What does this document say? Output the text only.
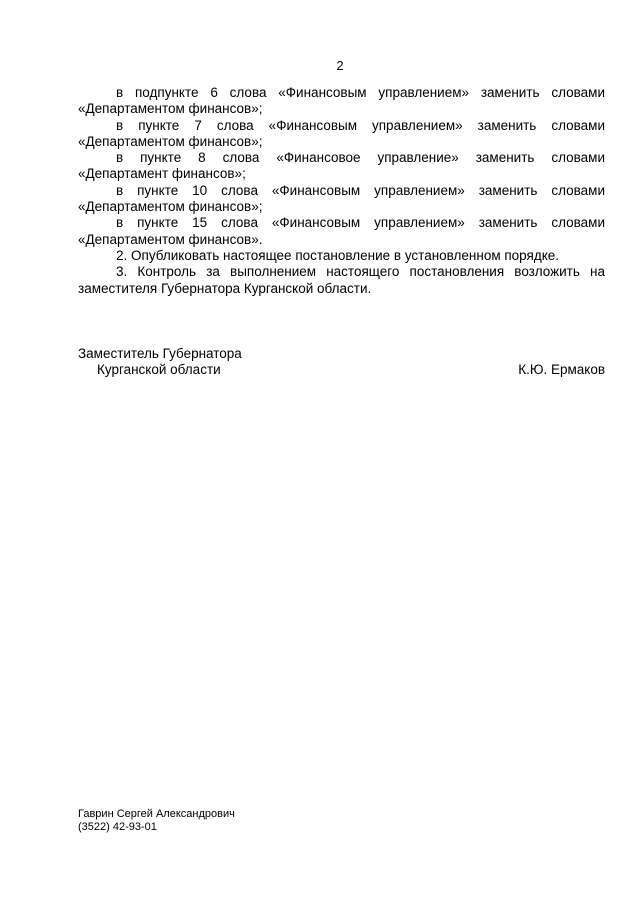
2

в подпункте 6 слова «Финансовым управлением» заменить словами «Департаментом финансов»;

в пункте 7 слова «Финансовым управлением» заменить словами «Департаментом финансов»;

в пункте 8 слова «Финансовое управление» заменить словами «Департамент финансов»;

в пункте 10 слова «Финансовым управлением» заменить словами «Департаментом финансов»;

в пункте 15 слова «Финансовым управлением» заменить словами «Департаментом финансов».

2. Опубликовать настоящее постановление в установленном порядке.

3. Контроль за выполнением настоящего постановления возложить на заместителя Губернатора Курганской области.

Заместитель Губернатора
Курганской области	К.Ю. Ермаков
Гаврин Сергей Александрович
(3522) 42-93-01
